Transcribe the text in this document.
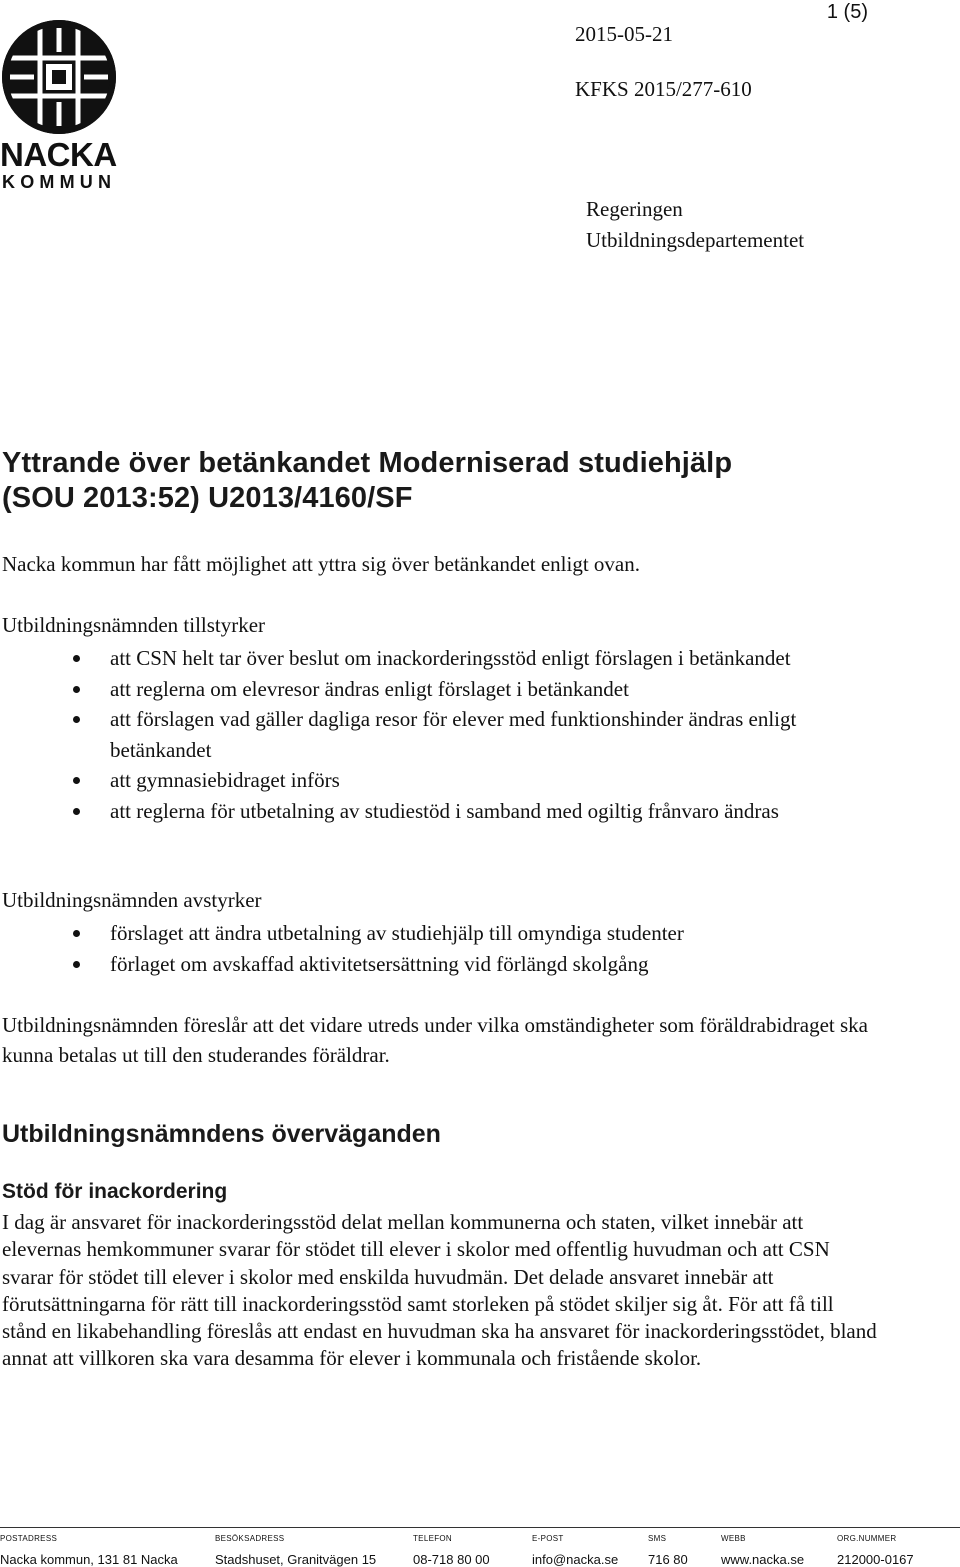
NACKA
KOMMUN
1 (5)
2015-05-21
KFKS 2015/277-610
Regeringen
Utbildningsdepartementet
Yttrande över betänkandet Moderniserad studiehjälp
(SOU 2013:52) U2013/4160/SF
Nacka kommun har fått möjlighet att yttra sig över betänkandet enligt ovan.
Utbildningsnämnden tillstyrker
att CSN helt tar över beslut om inackorderingsstöd enligt förslagen i betänkandet
att reglerna om elevresor ändras enligt förslaget i betänkandet
att förslagen vad gäller dagliga resor för elever med funktionshinder ändras enligt betänkandet
att gymnasiebidraget införs
att reglerna för utbetalning av studiestöd i samband med ogiltig frånvaro ändras
Utbildningsnämnden avstyrker
förslaget att ändra utbetalning av studiehjälp till omyndiga studenter
förlaget om avskaffad aktivitetsersättning vid förlängd skolgång
Utbildningsnämnden föreslår att det vidare utreds under vilka omständigheter som föräldrabidraget ska kunna betalas ut till den studerandes föräldrar.
Utbildningsnämndens överväganden
Stöd för inackordering

I dag är ansvaret för inackorderingsstöd delat mellan kommunerna och staten, vilket innebär att elevernas hemkommuner svarar för stödet till elever i skolor med offentlig huvudman och att CSN svarar för stödet till elever i skolor med enskilda huvudmän. Det delade ansvaret innebär att förutsättningarna för rätt till inackorderingsstöd samt storleken på stödet skiljer sig åt. För att få till stånd en likabehandling föreslås att endast en huvudman ska ha ansvaret för inackorderingsstödet, bland annat att villkoren ska vara desamma för elever i kommunala och fristående skolor.

POSTADRESS
Nacka kommun, 131 81 Nacka
BESÖKSADRESS
Stadshuset, Granitvägen 15
TELEFON
08-718 80 00
E-POST
info@nacka.se
SMS
716 80
WEBB
www.nacka.se
ORG.NUMMER
212000-0167
